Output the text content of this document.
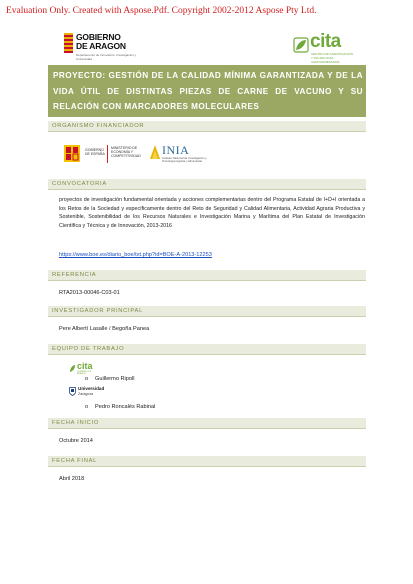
Evaluation Only. Created with Aspose.Pdf. Copyright 2002-2012 Aspose Pty Ltd.
GOBIERNO
DE ARAGON
Departamento de Innovación, Investigación y Universidad
cita
CENTRO DE INVESTIGACIÓN Y TECNOLOGÍA AGROALIMENTARIA

PROYECTO: GESTIÓN DE LA CALIDAD MÍNIMA GARANTIZADA Y DE LA VIDA ÚTIL DE DISTINTAS PIEZAS DE CARNE DE VACUNO Y SU RELACIÓN CON MARCADORES MOLECULARES

ORGANISMO FINANCIADOR
GOBIERNO DE ESPAÑA
MINISTERIO DE ECONOMÍA Y COMPETITIVIDAD INIA
Instituto Nacional de Investigación y Tecnología Agraria y Alimentaria
CONVOCATORIA

proyectos de investigación fundamental orientada y acciones complementarias dentro del Programa Estatal de I+D+I orientada a los Retos de la Sociedad y específicamente dentro del Reto de Seguridad y Calidad Alimentaria, Actividad Agraria Productiva y Sostenible, Sostenibilidad de los Recursos Naturales e Investigación Marina y Marítima del Plan Estatal de Investigación Científica y Técnica y de Innovación, 2013-2016

https://www.boe.es/diario_boe/txt.php?id=BOE-A-2013-12253
REFERENCIA
RTA2013-00046-C03-01
INVESTIGADOR PRINCIPAL
Pere Albertí Lasalle / Begoña Panea
EQUIPO DE TRABAJO
cita
GOBIERNO DE ARAGON
o Guillermo Ripoll
Universidad
Zaragoza
o Pedro Roncalés Rabinal
FECHA INICIO
Octubre 2014
FECHA FINAL
Abril 2018
